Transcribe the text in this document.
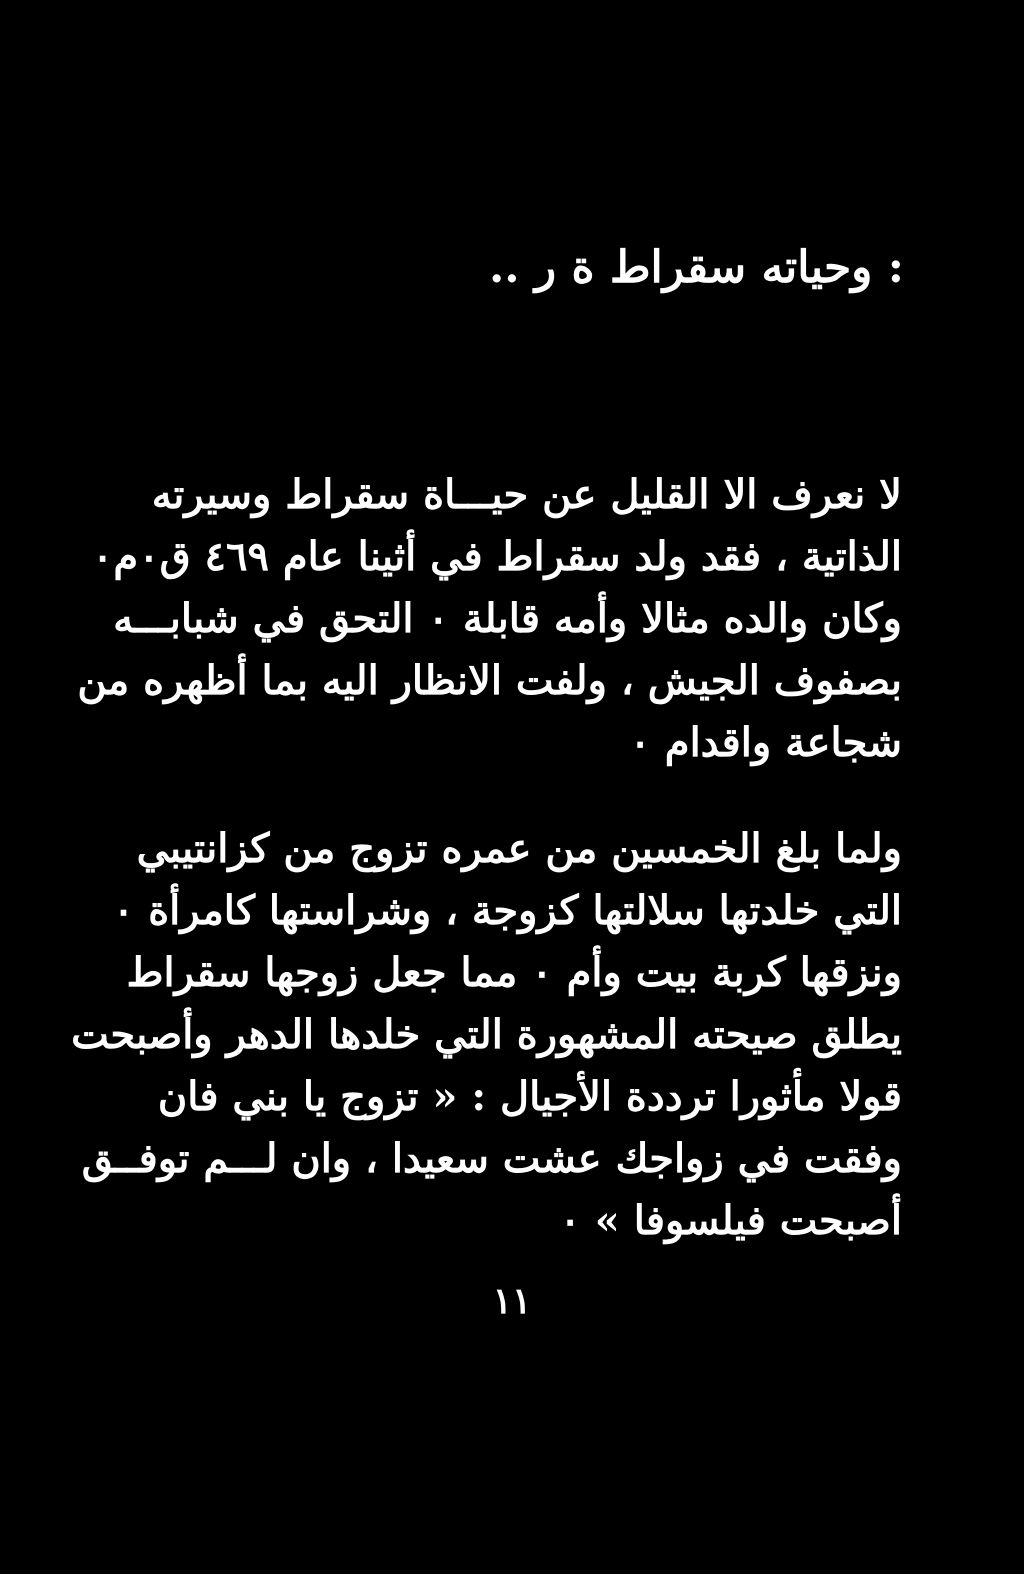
: وحياته سقراط ة ر ..
لا نعرف الا القليل عن حيـــاة سقراط وسيرته
الذاتية ، فقد ولد سقراط في أثينا عام ٤٦٩ ق٠م٠
وكان والده مثالا وأمه قابلة ٠ التحق في شبابـــه
بصفوف الجيش ، ولفت الانظار اليه بما أظهره من
شجاعة واقدام ٠
ولما بلغ الخمسين من عمره تزوج من كزانتيبي
التي خلدتها سلالتها كزوجة ، وشراستها كامرأة ٠
ونزقها كربة بيت وأم ٠ مما جعل زوجها سقراط
يطلق صيحته المشهورة التي خلدها الدهر وأصبحت
قولا مأثورا ترددة الأجيال : « تزوج يا بني فان
وفقت في زواجك عشت سعيدا ، وان لـــم توفــق
أصبحت فيلسوفا » ٠
١١
